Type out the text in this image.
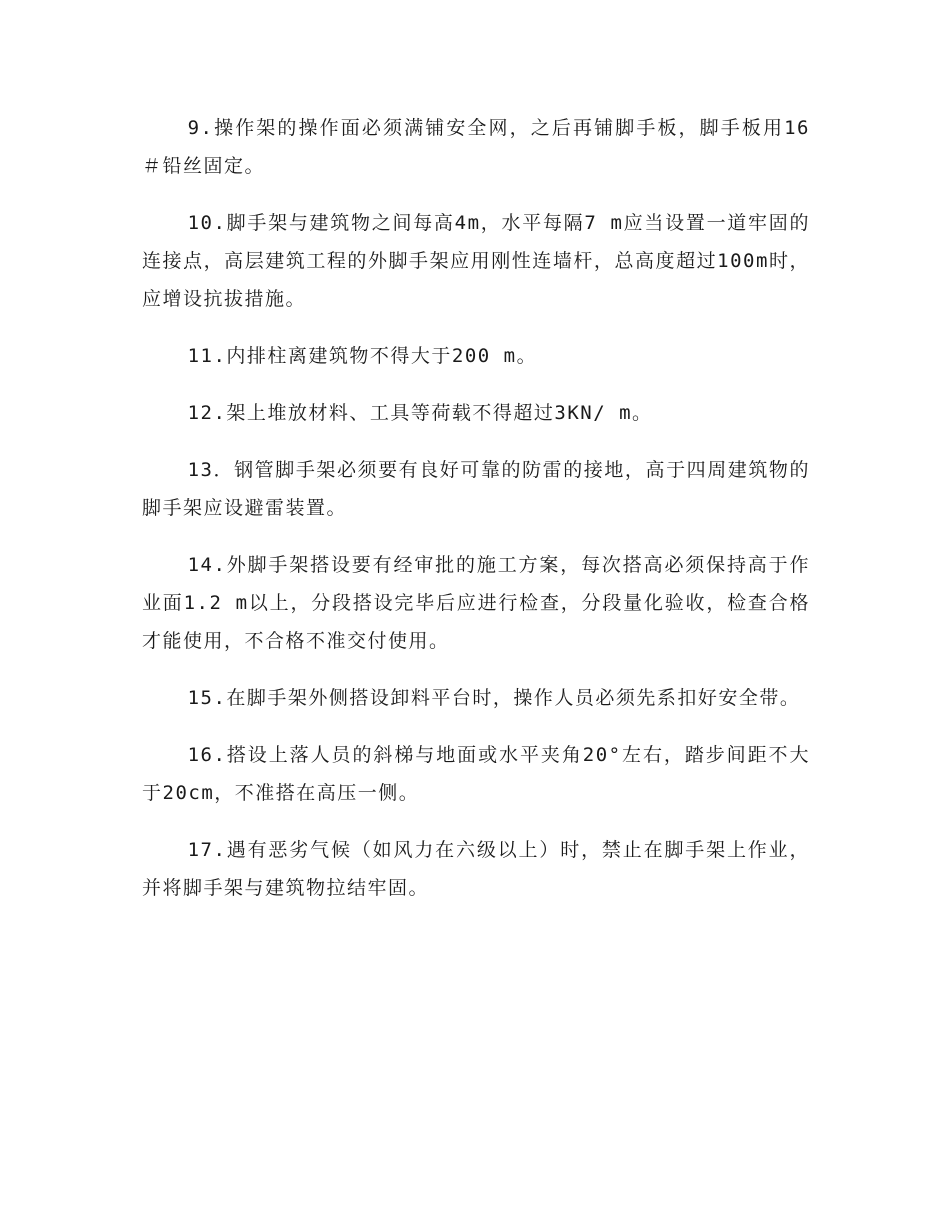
9.操作架的操作面必须满铺安全网，之后再铺脚手板，脚手板用16＃铅丝固定。

10.脚手架与建筑物之间每高4m，水平每隔7 m应当设置一道牢固的连接点，高层建筑工程的外脚手架应用刚性连墙杆，总高度超过100m时，应增设抗拔措施。

11.内排柱离建筑物不得大于200 m。

12.架上堆放材料、工具等荷载不得超过3KN/ m。

13．钢管脚手架必须要有良好可靠的防雷的接地，高于四周建筑物的脚手架应设避雷装置。

14.外脚手架搭设要有经审批的施工方案，每次搭高必须保持高于作业面1.2 m以上，分段搭设完毕后应进行检查，分段量化验收，检查合格才能使用，不合格不准交付使用。

15.在脚手架外侧搭设卸料平台时，操作人员必须先系扣好安全带。

16.搭设上落人员的斜梯与地面或水平夹角20°左右，踏步间距不大于20cm，不准搭在高压一侧。

17.遇有恶劣气候（如风力在六级以上）时，禁止在脚手架上作业，并将脚手架与建筑物拉结牢固。
